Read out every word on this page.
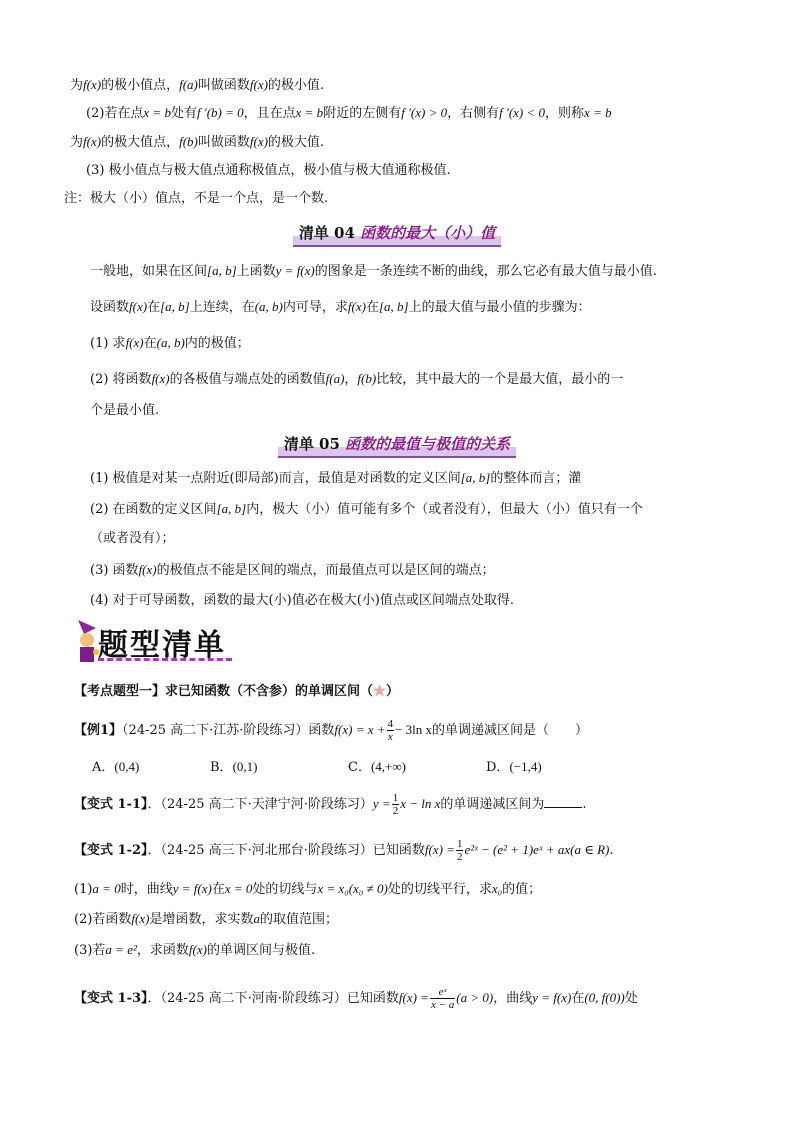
为f(x)的极小值点，f(a)叫做函数f(x)的极小值.
(2)若在点x = b处有f ′(b) = 0，且在点x = b附近的左侧有f ′(x) > 0，右侧有f ′(x) < 0，则称x = b
为f(x)的极大值点，f(b)叫做函数f(x)的极大值.
(3) 极小值点与极大值点通称极值点，极小值与极大值通称极值.
注：极大（小）值点，不是一个点，是一个数.
清单 04 函数的最大（小）值
一般地，如果在区间[a, b]上函数y = f(x)的图象是一条连续不断的曲线，那么它必有最大值与最小值.
设函数f(x)在[a, b]上连续，在(a, b)内可导，求f(x)在[a, b]上的最大值与最小值的步骤为：
(1) 求f(x)在(a, b)内的极值；
(2) 将函数f(x)的各极值与端点处的函数值f(a)，f(b)比较，其中最大的一个是最大值，最小的一
个是最小值.
清单 05 函数的最值与极值的关系
(1) 极值是对某一点附近(即局部)而言，最值是对函数的定义区间[a, b]的整体而言；灌
(2) 在函数的定义区间[a, b]内，极大（小）值可能有多个（或者没有），但最大（小）值只有一个
（或者没有）；
(3) 函数f(x)的极值点不能是区间的端点，而最值点可以是区间的端点；
(4) 对于可导函数，函数的最大(小)值必在极大(小)值点或区间端点处取得.
题型清单
【考点题型一】求已知函数（不含参）的单调区间（★）
【例1】（24-25 高二下·江苏·阶段练习）函数$f(x) = x + \frac{4}{x} - 3\ln$ x的单调递减区间是（　　）
A．(0,4)	B．(0,1)	C．(4,+∞)	D．(−1,4)
【变式 1-1】．（24-25 高二下·天津宁河·阶段练习）$y = \frac{1}{2}$ x − ln x的单调递减区间为	.
【变式 1-2】．（24-25 高三下·河北邢台·阶段练习）已知函数$f(x) = \frac{1}{2}$ e²ˣ − (e² + 1)eˣ + ax(a ∈ R).
(1)a = 0时，曲线y = f(x)在x = 0处的切线与x = x₀(x₀ ≠ 0)处的切线平行，求x₀的值；
(2)若函数f(x)是增函数，求实数a的取值范围；
(3)若a = e²，求函数f(x)的单调区间与极值.
【变式 1-3】．（24-25 高二下·河南·阶段练习）已知函数$f(x) = \frac{\text{eˣ}}{x - a} (a > 0)$，曲线y = f(x)在(0, f(0))处
